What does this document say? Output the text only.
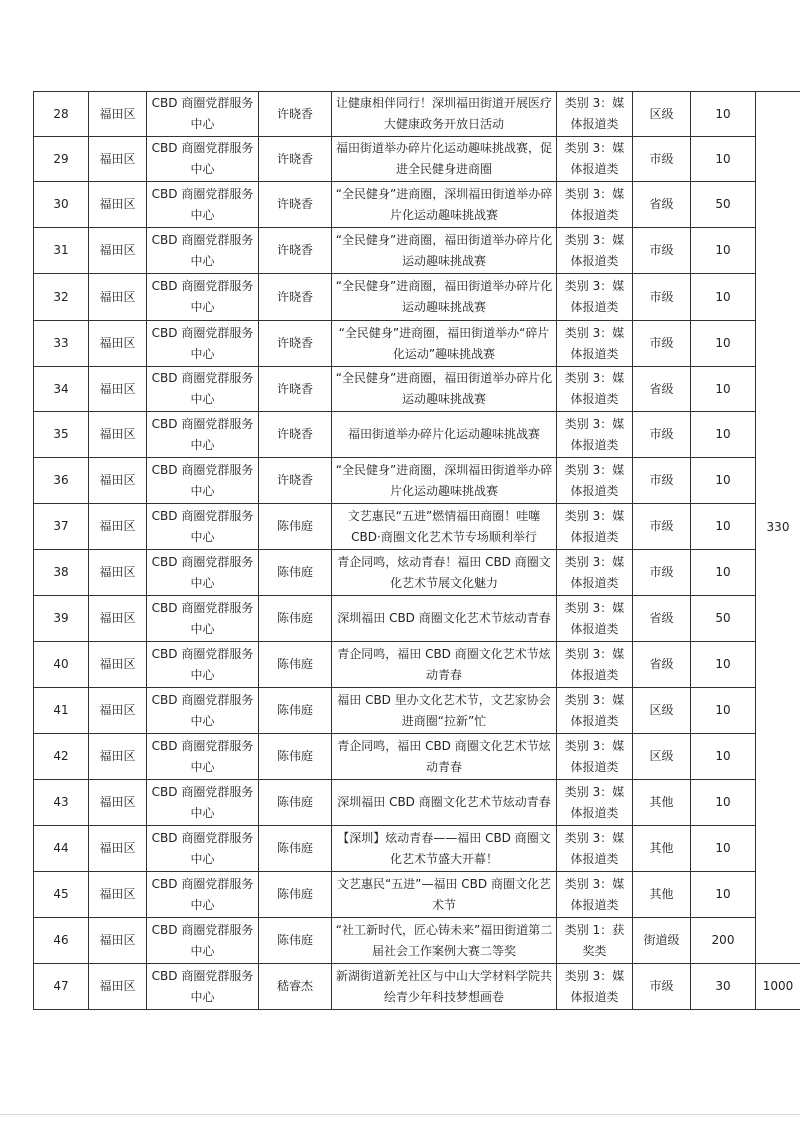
28	福田区	CBD 商圈党群服务中心	许晓香	让健康相伴同行！深圳福田街道开展医疗大健康政务开放日活动	类别 3：媒体报道类	区级	10	330
29	福田区	CBD 商圈党群服务中心	许晓香	福田街道举办碎片化运动趣味挑战赛，促进全民健身进商圈	类别 3：媒体报道类	市级	10	
30	福田区	CBD 商圈党群服务中心	许晓香	“全民健身”进商圈，深圳福田街道举办碎片化运动趣味挑战赛	类别 3：媒体报道类	省级	50	
31	福田区	CBD 商圈党群服务中心	许晓香	“全民健身”进商圈，福田街道举办碎片化运动趣味挑战赛	类别 3：媒体报道类	市级	10	
32	福田区	CBD 商圈党群服务中心	许晓香	“全民健身”进商圈，福田街道举办碎片化运动趣味挑战赛	类别 3：媒体报道类	市级	10	
33	福田区	CBD 商圈党群服务中心	许晓香	“全民健身”进商圈，福田街道举办“碎片化运动”趣味挑战赛	类别 3：媒体报道类	市级	10	
34	福田区	CBD 商圈党群服务中心	许晓香	“全民健身”进商圈，福田街道举办碎片化运动趣味挑战赛	类别 3：媒体报道类	省级	10	
35	福田区	CBD 商圈党群服务中心	许晓香	福田街道举办碎片化运动趣味挑战赛	类别 3：媒体报道类	市级	10	
36	福田区	CBD 商圈党群服务中心	许晓香	“全民健身”进商圈，深圳福田街道举办碎片化运动趣味挑战赛	类别 3：媒体报道类	市级	10	
37	福田区	CBD 商圈党群服务中心	陈伟庭	文艺惠民“五进”燃情福田商圈！哇噻 CBD·商圈文化艺术节专场顺利举行	类别 3：媒体报道类	市级	10	
38	福田区	CBD 商圈党群服务中心	陈伟庭	青企同鸣，炫动青春！福田 CBD 商圈文化艺术节展文化魅力	类别 3：媒体报道类	市级	10	
39	福田区	CBD 商圈党群服务中心	陈伟庭	深圳福田 CBD 商圈文化艺术节炫动青春	类别 3：媒体报道类	省级	50	
40	福田区	CBD 商圈党群服务中心	陈伟庭	青企同鸣，福田 CBD 商圈文化艺术节炫动青春	类别 3：媒体报道类	省级	10	
41	福田区	CBD 商圈党群服务中心	陈伟庭	福田 CBD 里办文化艺术节，文艺家协会进商圈“拉新”忙	类别 3：媒体报道类	区级	10	
42	福田区	CBD 商圈党群服务中心	陈伟庭	青企同鸣，福田 CBD 商圈文化艺术节炫动青春	类别 3：媒体报道类	区级	10	
43	福田区	CBD 商圈党群服务中心	陈伟庭	深圳福田 CBD 商圈文化艺术节炫动青春	类别 3：媒体报道类	其他	10	
44	福田区	CBD 商圈党群服务中心	陈伟庭	【深圳】炫动青春——福田 CBD 商圈文化艺术节盛大开幕！	类别 3：媒体报道类	其他	10	
45	福田区	CBD 商圈党群服务中心	陈伟庭	文艺惠民“五进”—福田 CBD 商圈文化艺术节	类别 3：媒体报道类	其他	10	
46	福田区	CBD 商圈党群服务中心	陈伟庭	“社工新时代，匠心铸未来”福田街道第二届社会工作案例大赛二等奖	类别 1：获奖类	街道级	200	
47	福田区	CBD 商圈党群服务中心	嵇睿杰	新湖街道新羌社区与中山大学材料学院共绘青少年科技梦想画卷	类别 3：媒体报道类	市级	30	1000
